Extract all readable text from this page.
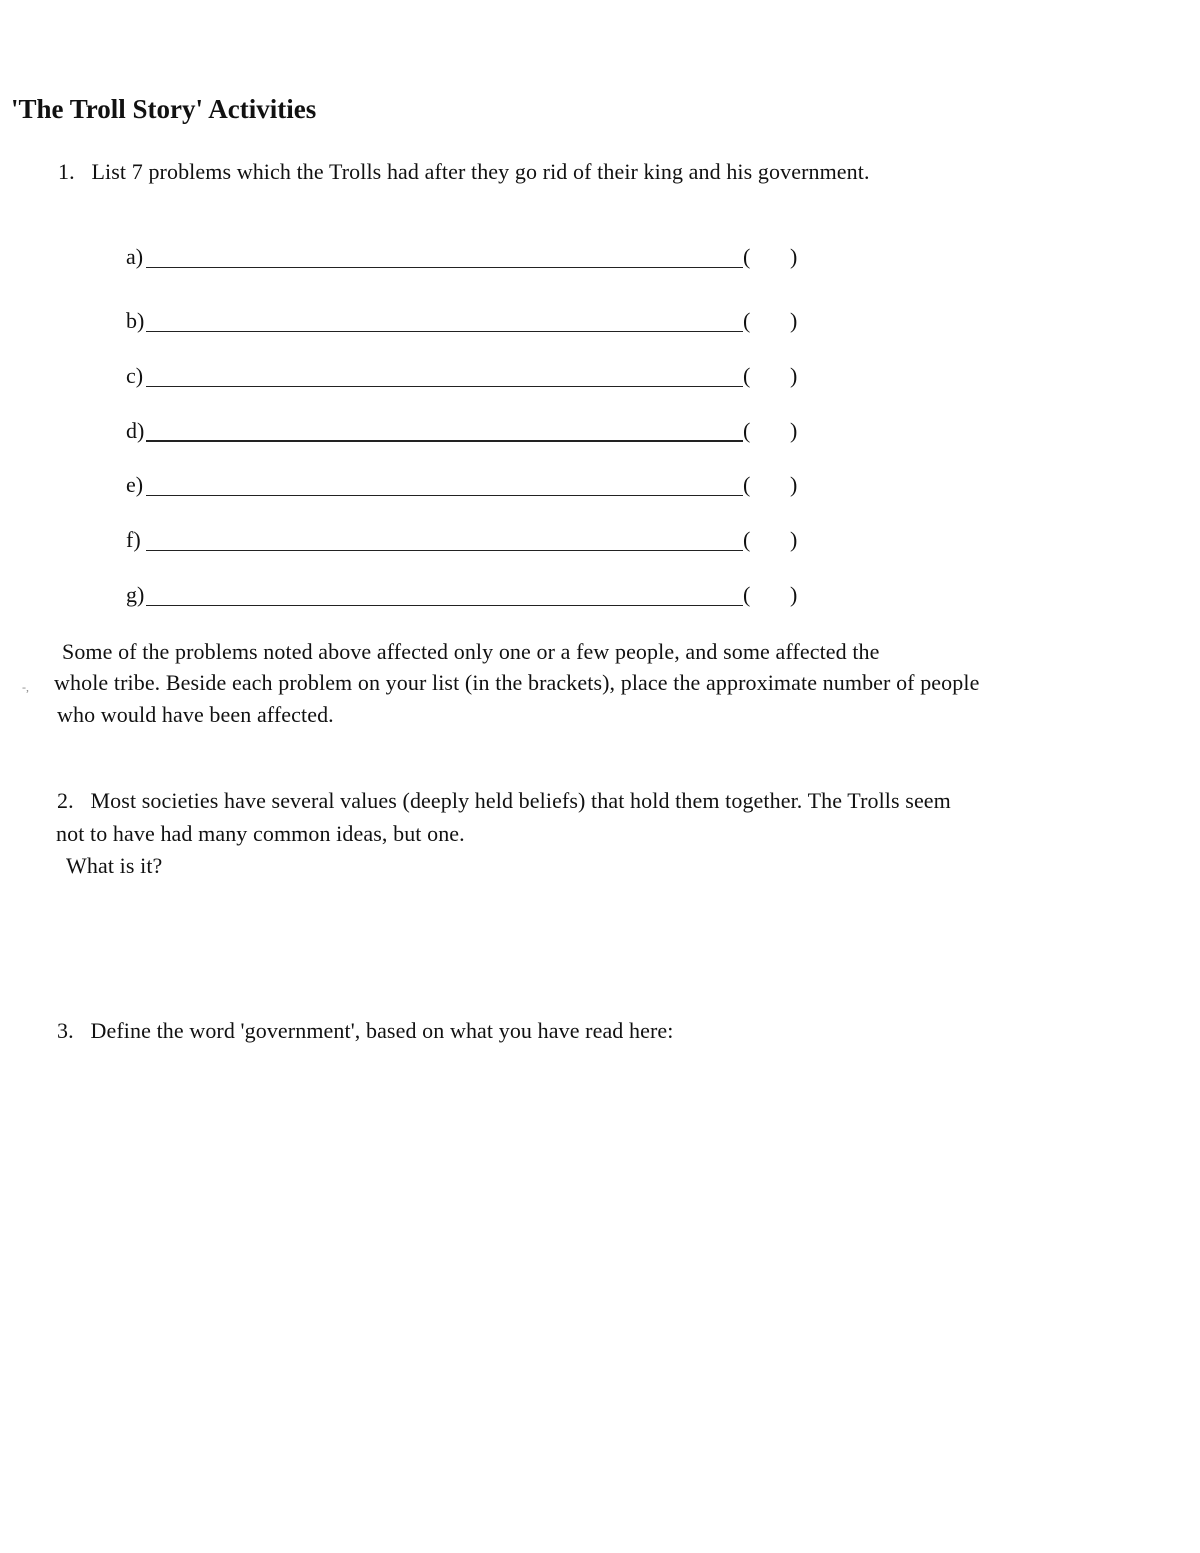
'The Troll Story' Activities
1. List 7 problems which the Trolls had after they go rid of their king and his government.
a)	( )
b)	( )
c)	( )
d)	( )
e)	( )
f)	( )
g)	( )
Some of the problems noted above affected only one or a few people, and some affected the
-, whole tribe. Beside each problem on your list (in the brackets), place the approximate number of people
who would have been affected.
2. Most societies have several values (deeply held beliefs) that hold them together. The Trolls seem
not to have had many common ideas, but one.
What is it?
3. Define the word 'government', based on what you have read here:
